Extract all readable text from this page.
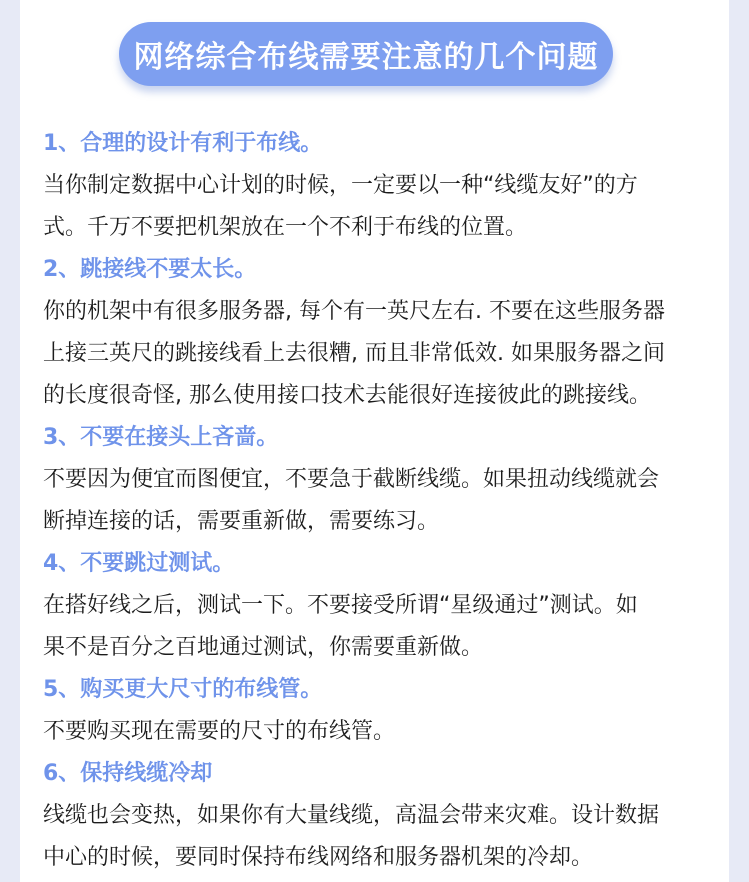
网络综合布线需要注意的几个问题
1、合理的设计有利于布线。

当你制定数据中心计划的时候，一定要以一种“线缆友好”的方
式。千万不要把机架放在一个不利于布线的位置。

2、跳接线不要太长。

你的机架中有很多服务器, 每个有一英尺左右. 不要在这些服务器
上接三英尺的跳接线看上去很糟, 而且非常低效. 如果服务器之间
的长度很奇怪, 那么使用接口技术去能很好连接彼此的跳接线。

3、不要在接头上吝啬。

不要因为便宜而图便宜，不要急于截断线缆。如果扭动线缆就会
断掉连接的话，需要重新做，需要练习。

4、不要跳过测试。

在搭好线之后，测试一下。不要接受所谓“星级通过”测试。如
果不是百分之百地通过测试，你需要重新做。

5、购买更大尺寸的布线管。

不要购买现在需要的尺寸的布线管。

6、保持线缆冷却

线缆也会变热，如果你有大量线缆，高温会带来灾难。设计数据
中心的时候，要同时保持布线网络和服务器机架的冷却。
